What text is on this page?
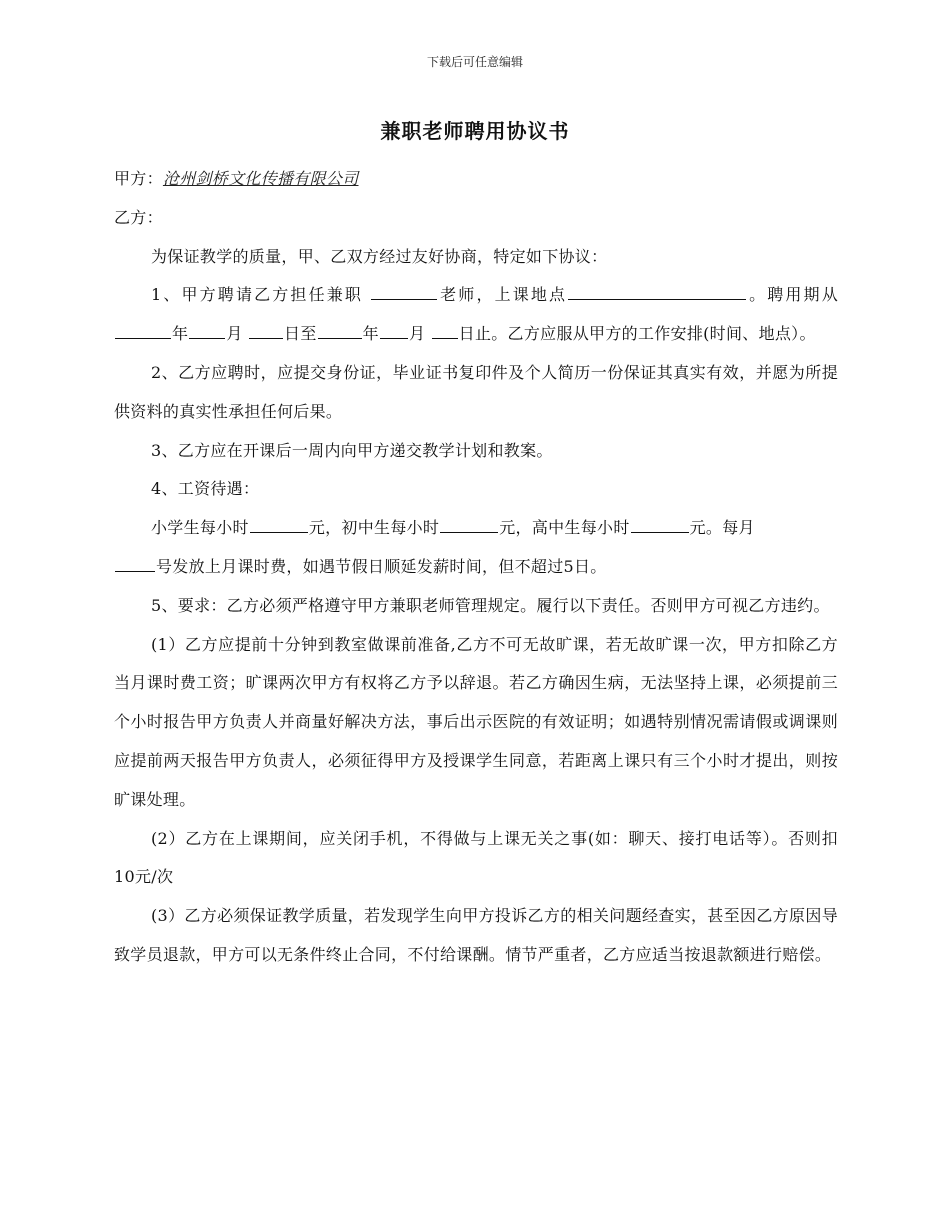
下载后可任意编辑
兼职老师聘用协议书

甲方：沧州剑桥文化传播有限公司

乙方：

为保证教学的质量，甲、乙双方经过友好协商，特定如下协议：

1、甲方聘请乙方担任兼职	老师，上课地点	。聘用期从年 月	日至	年 月 日止。乙方应服从甲方的工作安排(时间、地点）。

2、乙方应聘时，应提交身份证，毕业证书复印件及个人简历一份保证其真实有效，并愿为所提供资料的真实性承担任何后果。

3、乙方应在开课后一周内向甲方递交教学计划和教案。

4、工资待遇：

小学生每小时	元，初中生每小时	元，高中生每小时	元。每月
号发放上月课时费，如遇节假日顺延发薪时间，但不超过5日。

5、要求：乙方必须严格遵守甲方兼职老师管理规定。履行以下责任。否则甲方可视乙方违约。

(1）乙方应提前十分钟到教室做课前准备,乙方不可无故旷课，若无故旷课一次，甲方扣除乙方当月课时费工资；旷课两次甲方有权将乙方予以辞退。若乙方确因生病，无法坚持上课，必须提前三个小时报告甲方负责人并商量好解决方法，事后出示医院的有效证明；如遇特别情况需请假或调课则应提前两天报告甲方负责人，必须征得甲方及授课学生同意，若距离上课只有三个小时才提出，则按旷课处理。

(2）乙方在上课期间，应关闭手机，不得做与上课无关之事(如：聊天、接打电话等）。否则扣10元/次

(3）乙方必须保证教学质量，若发现学生向甲方投诉乙方的相关问题经查实，甚至因乙方原因导致学员退款，甲方可以无条件终止合同，不付给课酬。情节严重者，乙方应适当按退款额进行赔偿。
